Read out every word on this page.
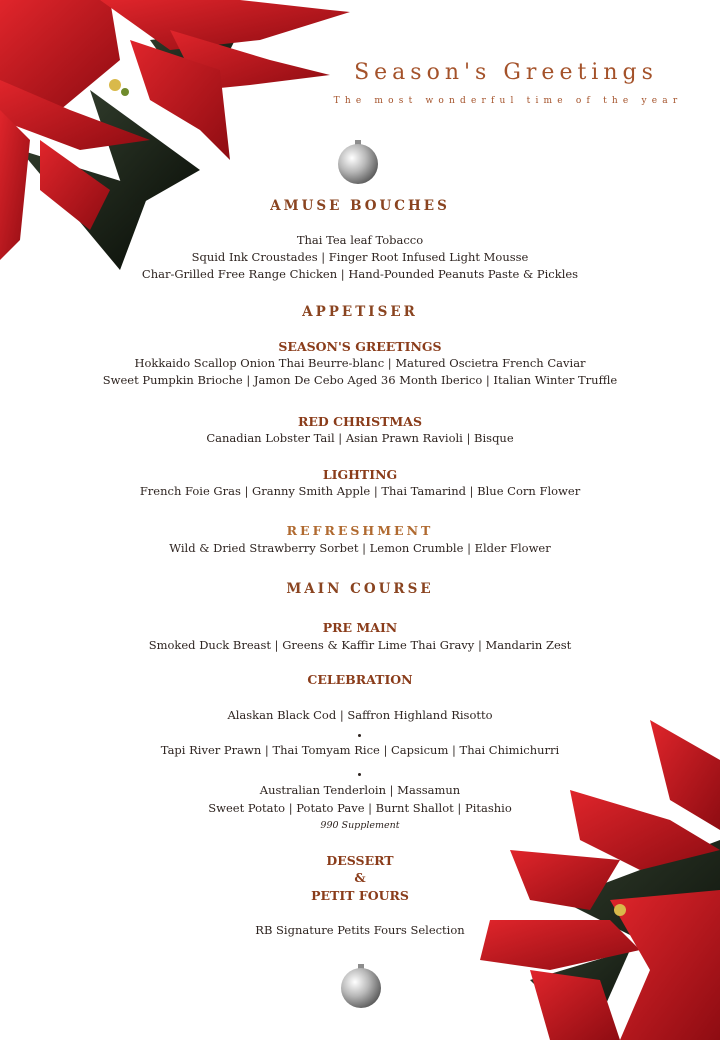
Season's Greetings
The most wonderful time of the year
AMUSE BOUCHES
Thai Tea leaf Tobacco
Squid Ink Croustades | Finger Root Infused Light Mousse
Char-Grilled Free Range Chicken | Hand-Pounded Peanuts Paste & Pickles
APPETISER
SEASON'S GREETINGS
Hokkaido Scallop Onion Thai Beurre-blanc | Matured Oscietra French Caviar
Sweet Pumpkin Brioche | Jamon De Cebo Aged 36 Month Iberico | Italian Winter Truffle
RED CHRISTMAS
Canadian Lobster Tail | Asian Prawn Ravioli | Bisque
LIGHTING
French Foie Gras | Granny Smith Apple | Thai Tamarind | Blue Corn Flower
REFRESHMENT
Wild & Dried Strawberry Sorbet | Lemon Crumble | Elder Flower
MAIN COURSE
PRE MAIN
Smoked Duck Breast | Greens & Kaffir Lime Thai Gravy | Mandarin Zest
CELEBRATION
Alaskan Black Cod | Saffron Highland Risotto
Tapi River Prawn | Thai Tomyam Rice | Capsicum | Thai Chimichurri
Australian Tenderloin | Massamun
Sweet Potato | Potato Pave | Burnt Shallot | Pitashio
990 Supplement
DESSERT
&
PETIT FOURS
RB Signature Petits Fours Selection
